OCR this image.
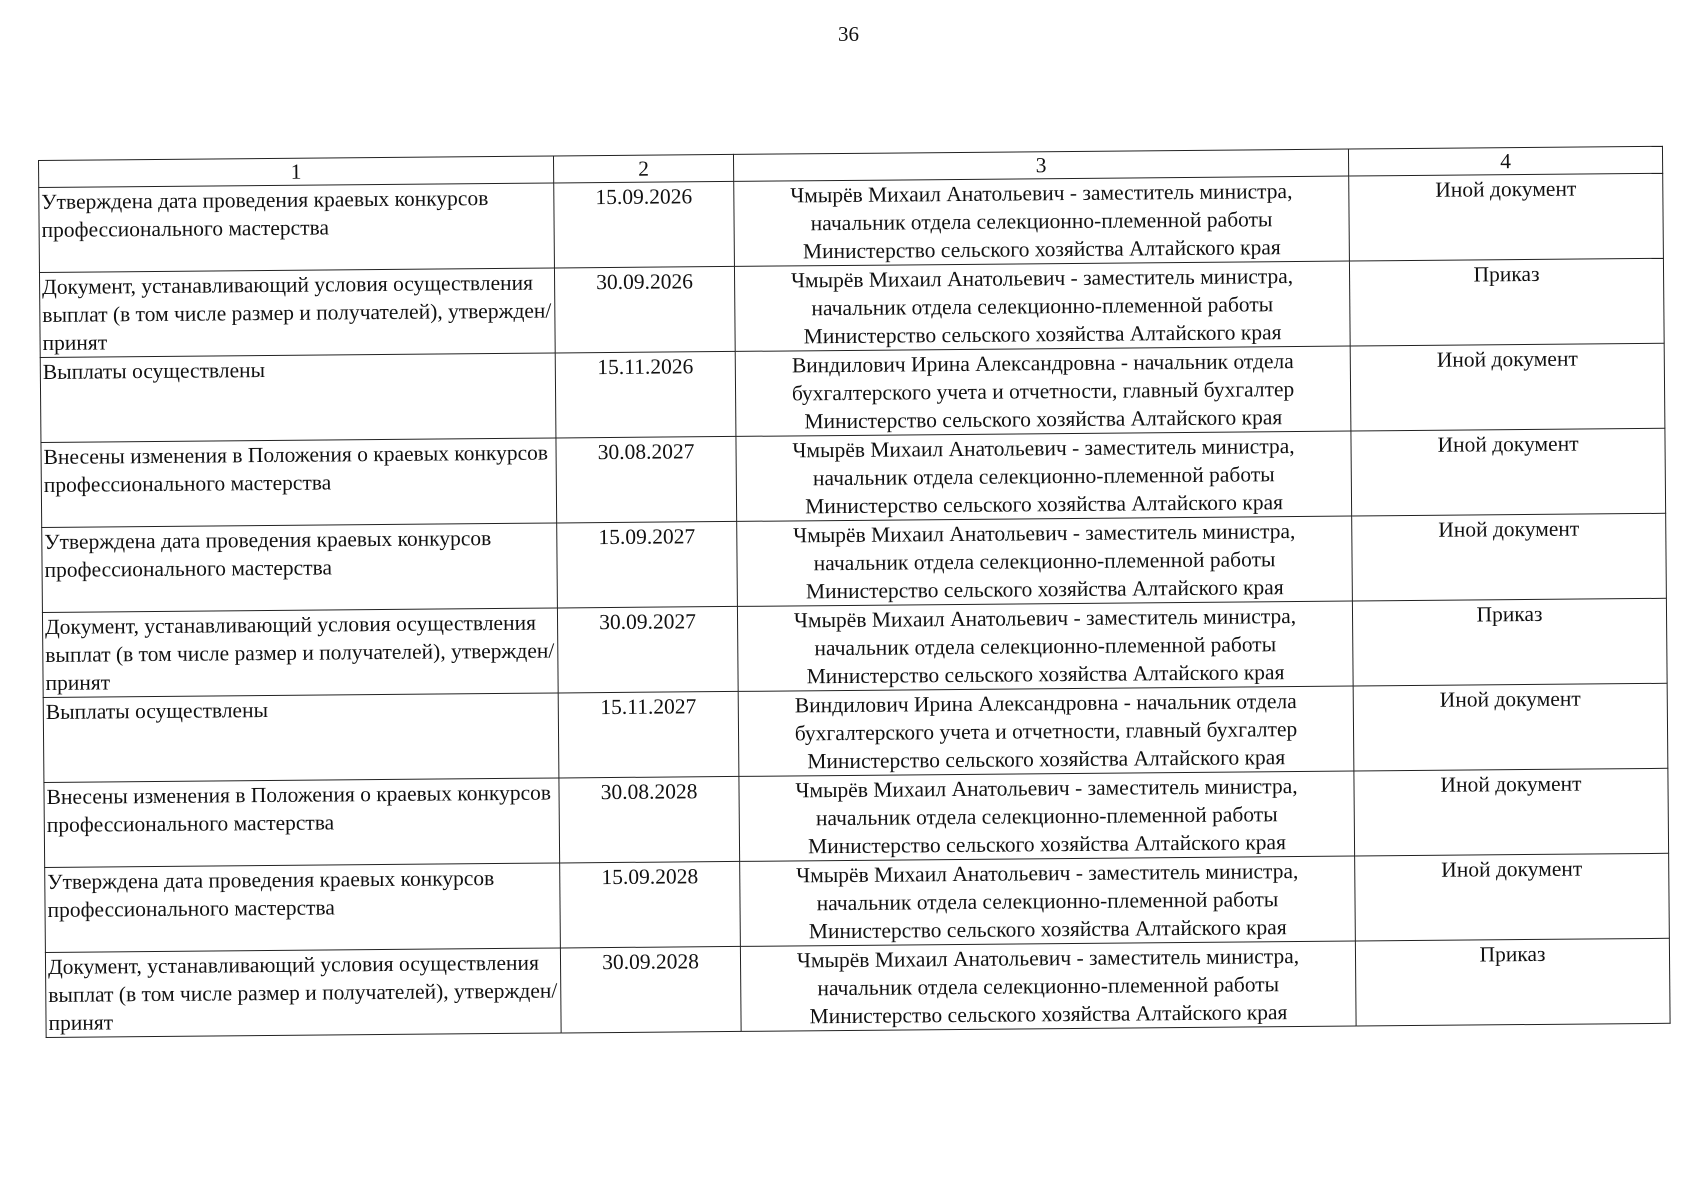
36
1	2	3	4
Утверждена дата проведения краевых конкурсов профессионального мастерства	15.09.2026	Чмырёв Михаил Анатольевич - заместитель министра,
начальник отдела селекционно-племенной работы
Министерство сельского хозяйства Алтайского края	Иной документ
Документ, устанавливающий условия осуществления выплат (в том числе размер и получателей), утвержден/принят	30.09.2026	Чмырёв Михаил Анатольевич - заместитель министра,
начальник отдела селекционно-племенной работы
Министерство сельского хозяйства Алтайского края	Приказ
Выплаты осуществлены	15.11.2026	Виндилович Ирина Александровна - начальник отдела
бухгалтерского учета и отчетности, главный бухгалтер
Министерство сельского хозяйства Алтайского края	Иной документ
Внесены изменения в Положения о краевых конкурсов профессионального мастерства	30.08.2027	Чмырёв Михаил Анатольевич - заместитель министра,
начальник отдела селекционно-племенной работы
Министерство сельского хозяйства Алтайского края	Иной документ
Утверждена дата проведения краевых конкурсов профессионального мастерства	15.09.2027	Чмырёв Михаил Анатольевич - заместитель министра,
начальник отдела селекционно-племенной работы
Министерство сельского хозяйства Алтайского края	Иной документ
Документ, устанавливающий условия осуществления выплат (в том числе размер и получателей), утвержден/принят	30.09.2027	Чмырёв Михаил Анатольевич - заместитель министра,
начальник отдела селекционно-племенной работы
Министерство сельского хозяйства Алтайского края	Приказ
Выплаты осуществлены	15.11.2027	Виндилович Ирина Александровна - начальник отдела
бухгалтерского учета и отчетности, главный бухгалтер
Министерство сельского хозяйства Алтайского края	Иной документ
Внесены изменения в Положения о краевых конкурсов профессионального мастерства	30.08.2028	Чмырёв Михаил Анатольевич - заместитель министра,
начальник отдела селекционно-племенной работы
Министерство сельского хозяйства Алтайского края	Иной документ
Утверждена дата проведения краевых конкурсов профессионального мастерства	15.09.2028	Чмырёв Михаил Анатольевич - заместитель министра,
начальник отдела селекционно-племенной работы
Министерство сельского хозяйства Алтайского края	Иной документ
Документ, устанавливающий условия осуществления выплат (в том числе размер и получателей), утвержден/принят	30.09.2028	Чмырёв Михаил Анатольевич - заместитель министра,
начальник отдела селекционно-племенной работы
Министерство сельского хозяйства Алтайского края	Приказ
